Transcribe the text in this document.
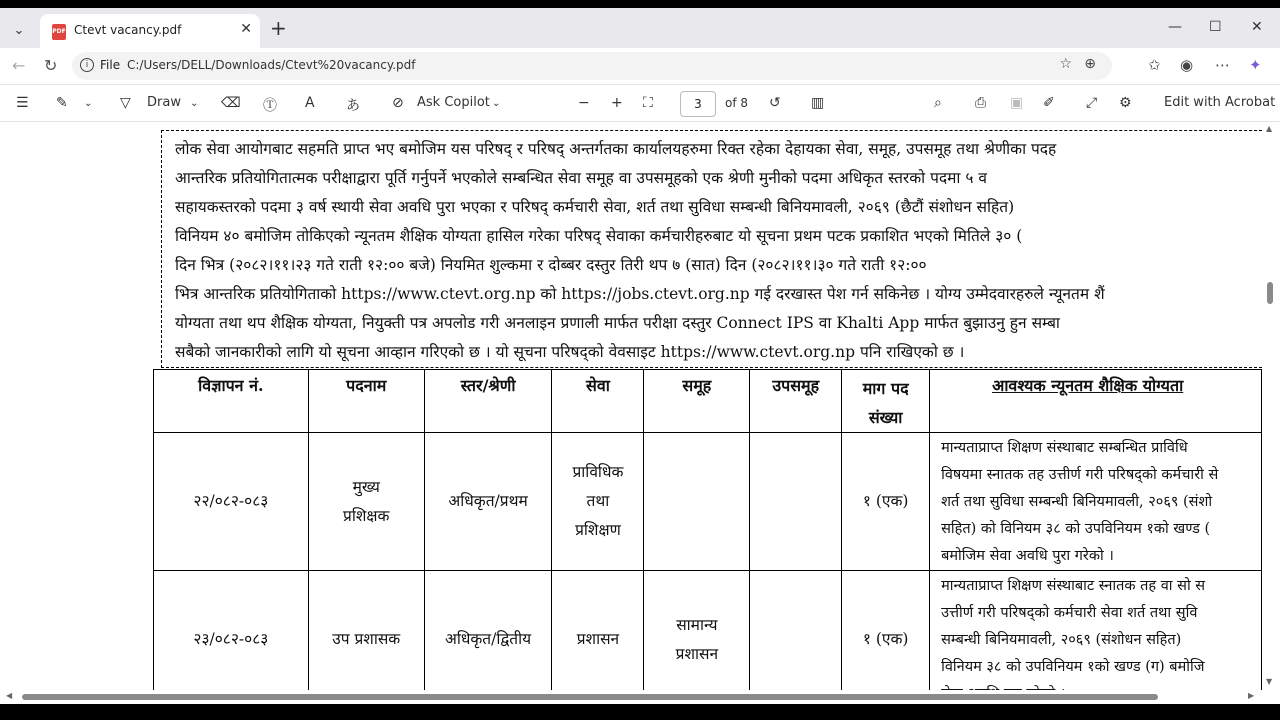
⌄	PDF Ctevt vacancy.pdf	✕ +	— ☐ ✕
← ↻	i File C:/Users/DELL/Downloads/Ctevt%20vacancy.pdf	☆ ⊕	✩ ◉ ⋯ ✦
☰ ✎ ⌄ ▽ Draw ⌄ ⌫ Ⓣ A あ ⊘ Ask Copilot ⌄	− + ⛶	3	of 8 ↺ ▥	⌕ ⎙ ▣ ✐ ⤢ ⚙ Edit with Acrobat
लोक सेवा आयोगबाट सहमति प्राप्त भए बमोजिम यस परिषद् र परिषद् अन्तर्गतका कार्यालयहरुमा रिक्त रहेका देहायका सेवा, समूह, उपसमूह तथा श्रेणीका पदह
आन्तरिक प्रतियोगितात्मक परीक्षाद्वारा पूर्ति गर्नुपर्ने भएकोले सम्बन्धित सेवा समूह वा उपसमूहको एक श्रेणी मुनीको पदमा अधिकृत स्तरको पदमा ५ व
सहायकस्तरको पदमा ३ वर्ष स्थायी सेवा अवधि पुरा भएका र परिषद् कर्मचारी सेवा, शर्त तथा सुविधा सम्बन्धी बिनियमावली, २०६९ (छैटौं संशोधन सहित)
विनियम ४० बमोजिम तोकिएको न्यूनतम शैक्षिक योग्यता हासिल गरेका परिषद् सेवाका कर्मचारीहरुबाट यो सूचना प्रथम पटक प्रकाशित भएको मितिले ३० (
दिन भित्र (२०८२।११।२३ गते राती १२:०० बजे) नियमित शुल्कमा र दोब्बर दस्तुर तिरी थप ७ (सात) दिन (२०८२।११।३० गते राती १२:००
भित्र आन्तरिक प्रतियोगिताको https://www.ctevt.org.np को https://jobs.ctevt.org.np गई दरखास्त पेश गर्न सकिनेछ । योग्य उम्मेदवारहरुले न्यूनतम शैं
योग्यता तथा थप शैक्षिक योग्यता, नियुक्ती पत्र अपलोड गरी अनलाइन प्रणाली मार्फत परीक्षा दस्तुर Connect IPS वा Khalti App मार्फत बुझाउनु हुन सम्बा
सबैको जानकारीको लागि यो सूचना आव्हान गरिएको छ । यो सूचना परिषद्को वेवसाइट https://www.ctevt.org.np पनि राखिएको छ ।
विज्ञापन नं.	पदनाम	स्तर/श्रेणी	सेवा	समूह	उपसमूह	माग पद संख्या	आवश्यक न्यूनतम शैक्षिक योग्यता
२२/०८२-०८३	मुख्य प्रशिक्षक	अधिकृत/प्रथम	प्राविधिक तथा प्रशिक्षण			१ (एक)	मान्यताप्राप्त शिक्षण संस्थाबाट सम्बन्धित प्राविधि
विषयमा स्नातक तह उत्तीर्ण गरी परिषद्को कर्मचारी से
शर्त तथा सुविधा सम्बन्धी बिनियमावली, २०६९ (संशो
सहित) को विनियम ३८ को उपविनियम १को खण्ड (
बमोजिम सेवा अवधि पुरा गरेको ।

२३/०८२-०८३	उप प्रशासक	अधिकृत/द्वितीय	प्रशासन	सामान्य प्रशासन		१ (एक)	मान्यताप्राप्त शिक्षण संस्थाबाट स्नातक तह वा सो स
उत्तीर्ण गरी परिषद्को कर्मचारी सेवा शर्त तथा सुवि
सम्बन्धी बिनियमावली, २०६९ (संशोधन सहित)
विनियम ३८ को उपविनियम १को खण्ड (ग) बमोजि
▲
▼
◀	▶
